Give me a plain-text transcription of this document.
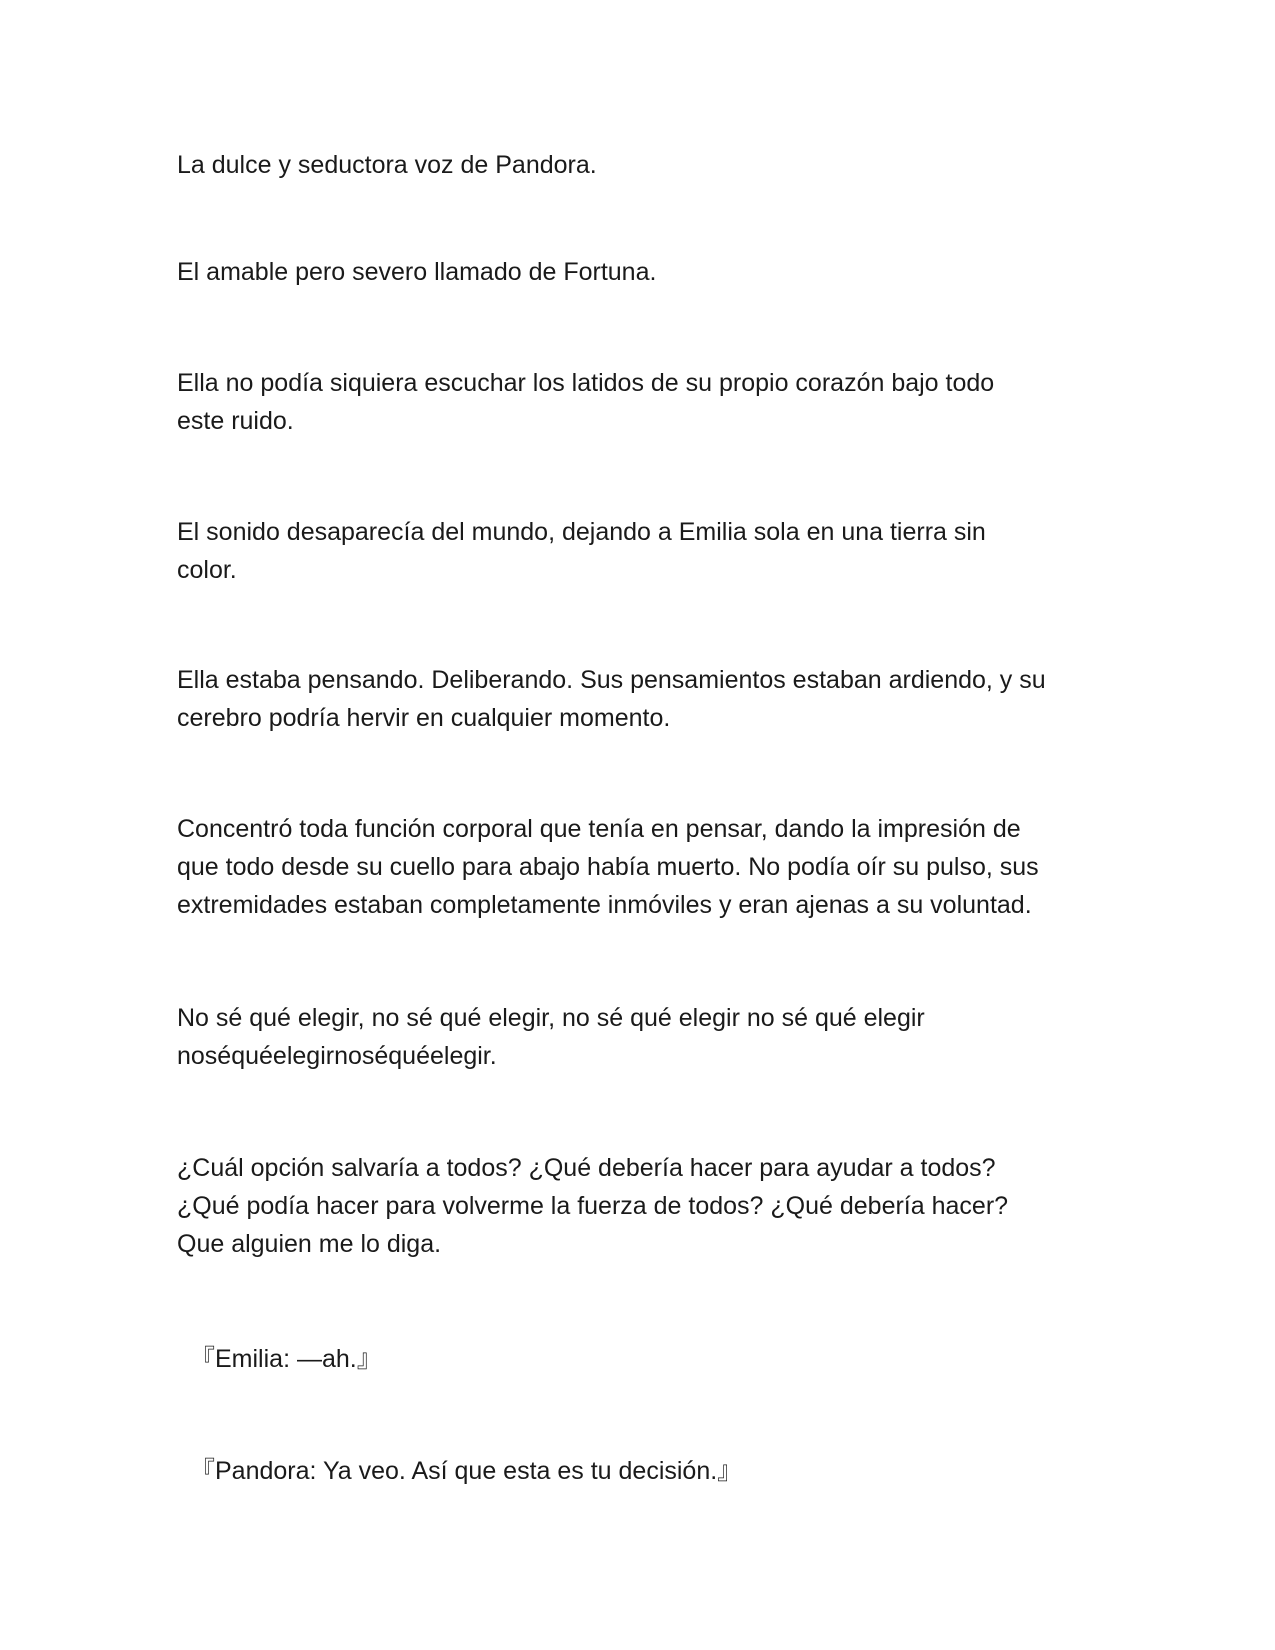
La dulce y seductora voz de Pandora.

El amable pero severo llamado de Fortuna.

Ella no podía siquiera escuchar los latidos de su propio corazón bajo todo
este ruido.

El sonido desaparecía del mundo, dejando a Emilia sola en una tierra sin
color.

Ella estaba pensando. Deliberando. Sus pensamientos estaban ardiendo, y su
cerebro podría hervir en cualquier momento.

Concentró toda función corporal que tenía en pensar, dando la impresión de
que todo desde su cuello para abajo había muerto. No podía oír su pulso, sus
extremidades estaban completamente inmóviles y eran ajenas a su voluntad.

No sé qué elegir, no sé qué elegir, no sé qué elegir no sé qué elegir
noséquéelegirnoséquéelegir.

¿Cuál opción salvaría a todos? ¿Qué debería hacer para ayudar a todos?
¿Qué podía hacer para volverme la fuerza de todos? ¿Qué debería hacer?
Que alguien me lo diga.

『Emilia: —ah.』

『Pandora: Ya veo. Así que esta es tu decisión.』
